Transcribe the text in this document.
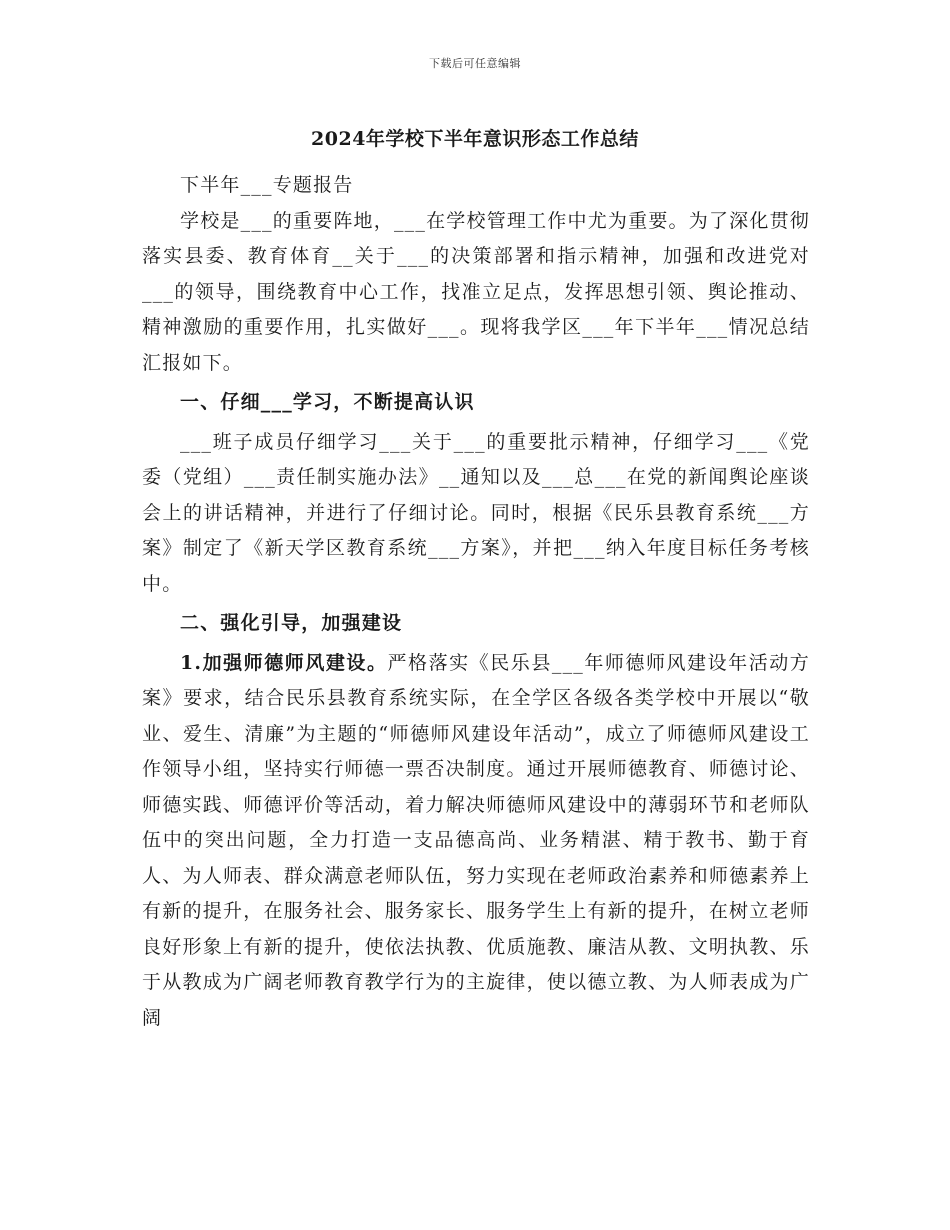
下载后可任意编辑
2024年学校下半年意识形态工作总结

下半年___专题报告

学校是___的重要阵地，___在学校管理工作中尤为重要。为了深化贯彻落实县委、教育体育__关于___的决策部署和指示精神，加强和改进党对___的领导，围绕教育中心工作，找准立足点，发挥思想引领、舆论推动、精神激励的重要作用，扎实做好___。现将我学区___年下半年___情况总结汇报如下。

一、仔细___学习，不断提高认识

___班子成员仔细学习___关于___的重要批示精神，仔细学习___《党委（党组）___责任制实施办法》__通知以及___总___在党的新闻舆论座谈会上的讲话精神，并进行了仔细讨论。同时，根据《民乐县教育系统___方案》制定了《新天学区教育系统___方案》，并把___纳入年度目标任务考核中。

二、强化引导，加强建设

1.加强师德师风建设。严格落实《民乐县___年师德师风建设年活动方案》要求，结合民乐县教育系统实际，在全学区各级各类学校中开展以“敬业、爱生、清廉”为主题的“师德师风建设年活动”，成立了师德师风建设工作领导小组，坚持实行师德一票否决制度。通过开展师德教育、师德讨论、师德实践、师德评价等活动，着力解决师德师风建设中的薄弱环节和老师队伍中的突出问题，全力打造一支品德高尚、业务精湛、精于教书、勤于育人、为人师表、群众满意老师队伍，努力实现在老师政治素养和师德素养上有新的提升，在服务社会、服务家长、服务学生上有新的提升，在树立老师良好形象上有新的提升，使依法执教、优质施教、廉洁从教、文明执教、乐于从教成为广阔老师教育教学行为的主旋律，使以德立教、为人师表成为广阔
